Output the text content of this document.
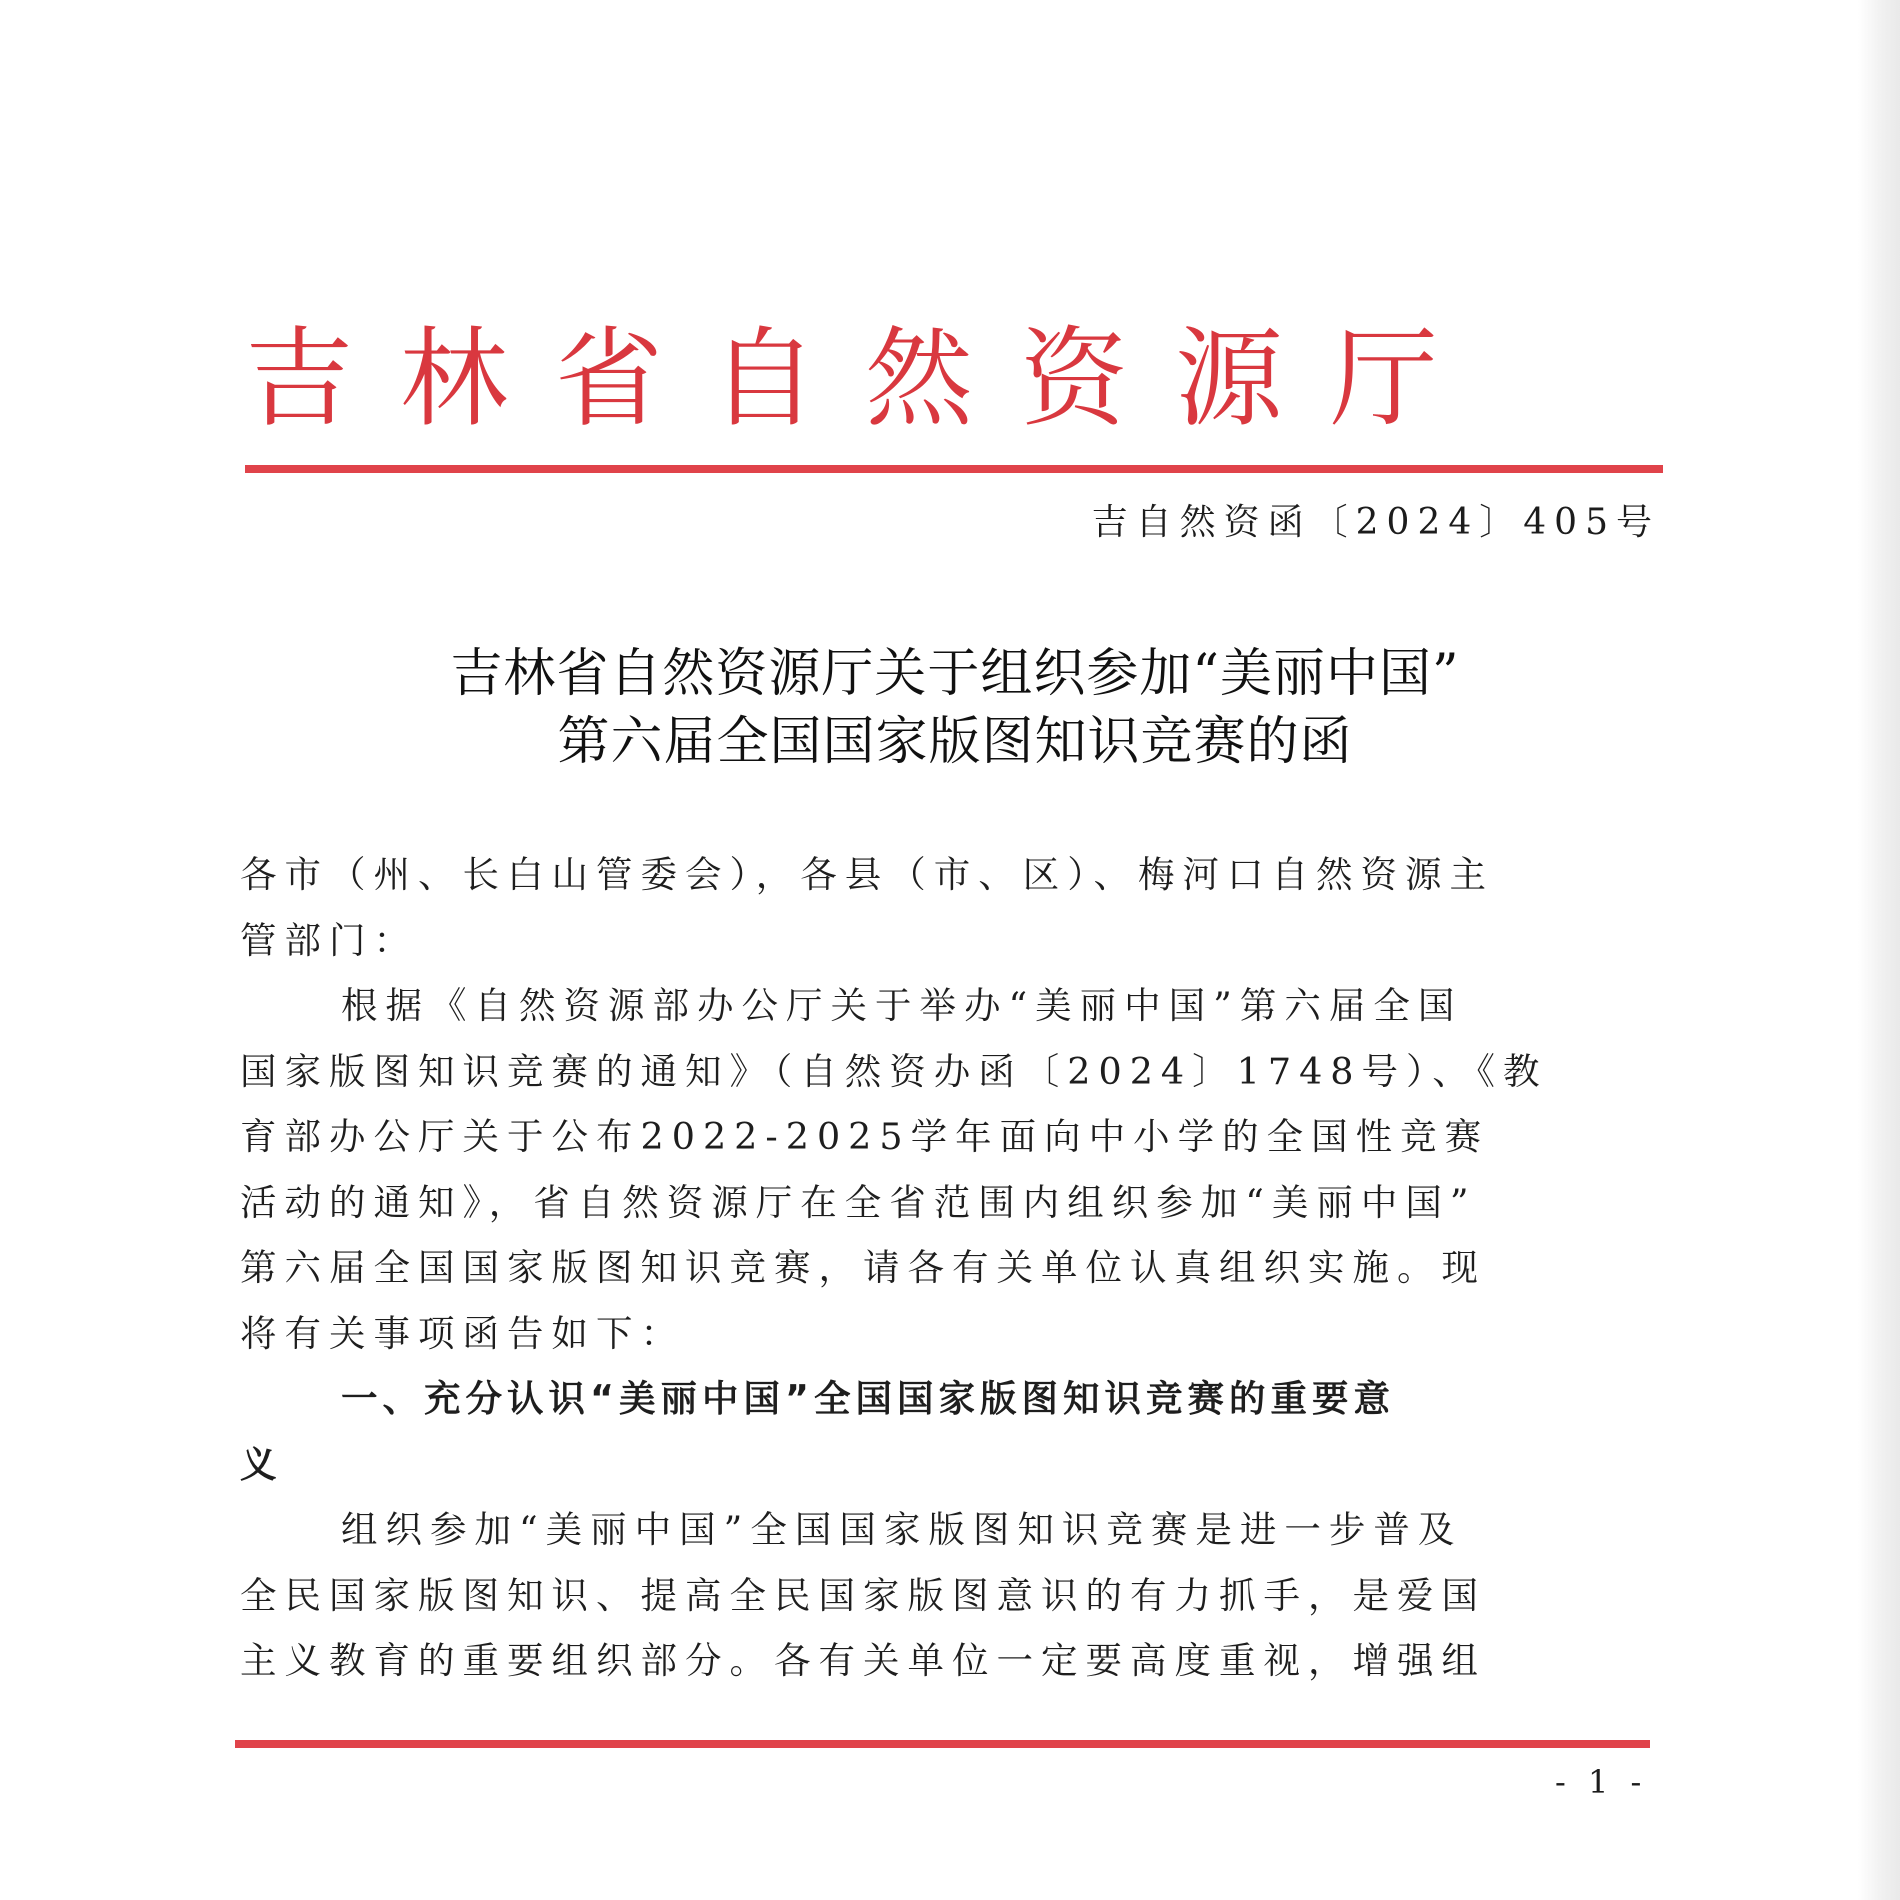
吉林省自然资源厅
吉自然资函〔2024〕405号
吉林省自然资源厅关于组织参加“美丽中国”
第六届全国国家版图知识竞赛的函
各市（州、长白山管委会），各县（市、区）、梅河口自然资源主
管部门：
根据《自然资源部办公厅关于举办“美丽中国”第六届全国
国家版图知识竞赛的通知》（自然资办函〔2024〕1748号）、《教
育部办公厅关于公布2022-2025学年面向中小学的全国性竞赛
活动的通知》，省自然资源厅在全省范围内组织参加“美丽中国”
第六届全国国家版图知识竞赛，请各有关单位认真组织实施。现
将有关事项函告如下：
一、充分认识“美丽中国”全国国家版图知识竞赛的重要意
义
组织参加“美丽中国”全国国家版图知识竞赛是进一步普及
全民国家版图知识、提高全民国家版图意识的有力抓手，是爱国
主义教育的重要组织部分。各有关单位一定要高度重视，增强组
- 1 -
